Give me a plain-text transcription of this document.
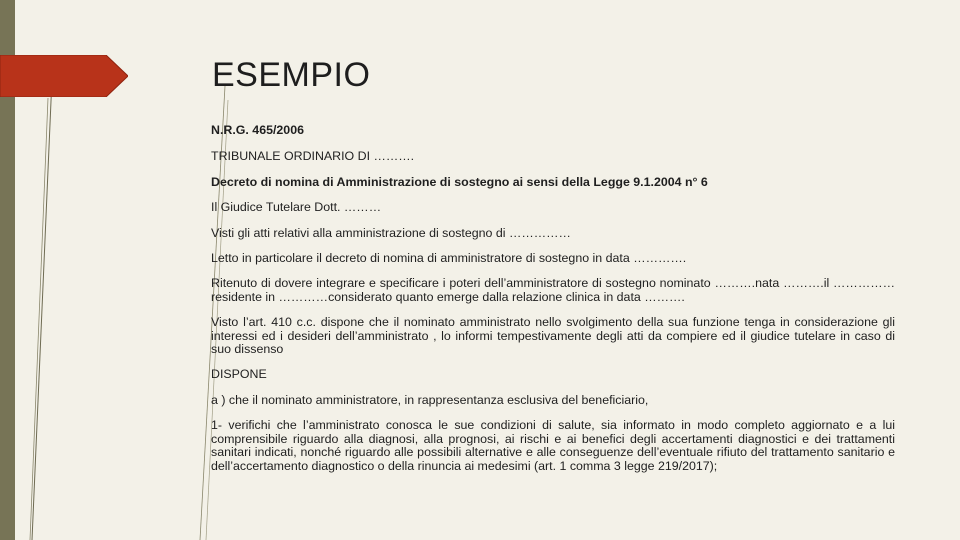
ESEMPIO

N.R.G. 465/2006

TRIBUNALE ORDINARIO DI ……….

Decreto di nomina di Amministrazione di sostegno ai sensi della Legge 9.1.2004 n° 6

Il Giudice Tutelare Dott. ………

Visti gli atti relativi alla amministrazione di sostegno di ……………

Letto in particolare il decreto di nomina di amministratore di sostegno in data ………….

Ritenuto di dovere integrare e specificare i poteri dell’amministratore di sostegno nominato ……….nata ……….il ……………residente in …………considerato quanto emerge dalla relazione clinica in data ……….

Visto l’art. 410 c.c. dispone che il nominato amministrato nello svolgimento della sua funzione tenga in considerazione gli interessi ed i desideri dell’amministrato , lo informi tempestivamente degli atti da compiere ed il giudice tutelare in caso di suo dissenso

DISPONE

a ) che il nominato amministratore, in rappresentanza esclusiva del beneficiario,

1- verifichi che l’amministrato conosca le sue condizioni di salute, sia informato in modo completo aggiornato e a lui comprensibile riguardo alla diagnosi, alla prognosi, ai rischi e ai benefici degli accertamenti diagnostici e dei trattamenti sanitari indicati, nonché riguardo alle possibili alternative e alle conseguenze dell’eventuale rifiuto del trattamento sanitario e dell’accertamento diagnostico o della rinuncia ai medesimi (art. 1 comma 3 legge 219/2017);
